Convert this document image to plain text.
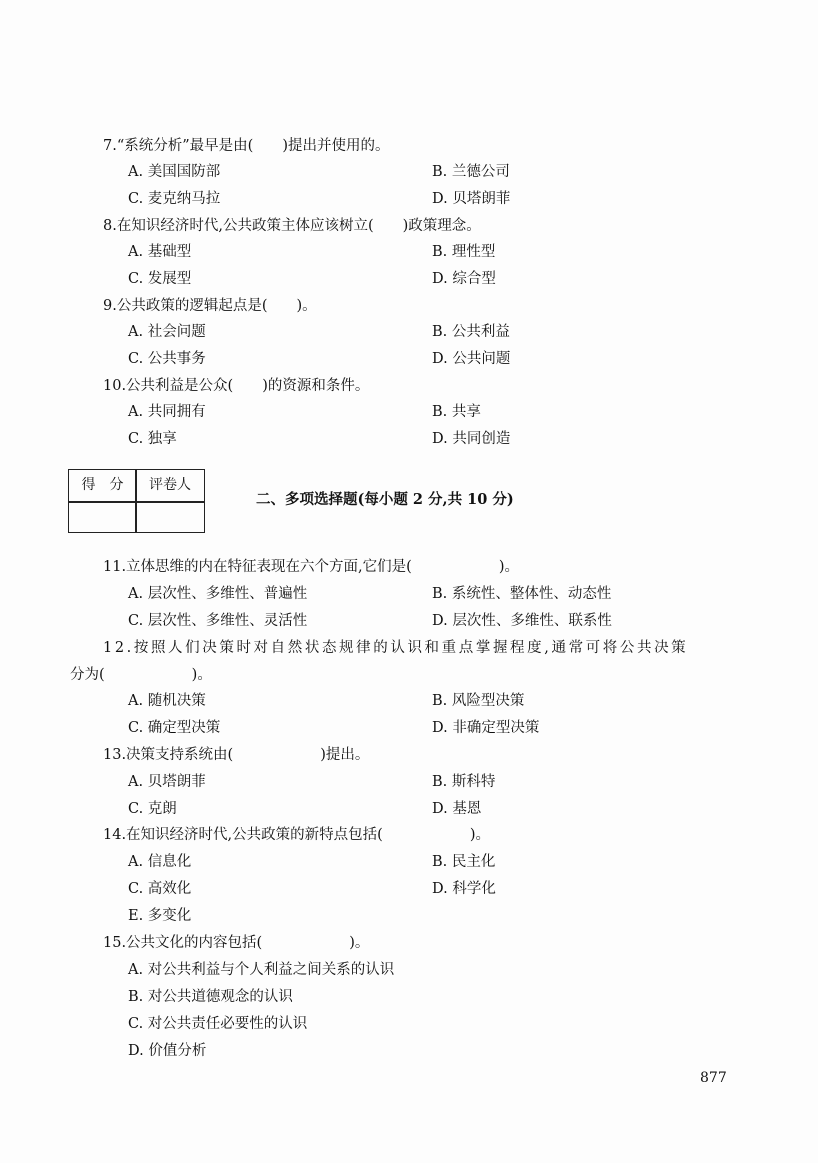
7.“系统分析”最早是由(　　)提出并使用的。
A. 美国国防部	B. 兰德公司
C. 麦克纳马拉	D. 贝塔朗菲
8.在知识经济时代,公共政策主体应该树立(　　)政策理念。
A. 基础型	B. 理性型
C. 发展型	D. 综合型
9.公共政策的逻辑起点是(　　)。
A. 社会问题	B. 公共利益
C. 公共事务	D. 公共问题
10.公共利益是公众(　　)的资源和条件。
A. 共同拥有	B. 共享
C. 独享	D. 共同创造
得　分	评卷人
二、多项选择题(每小题 2 分,共 10 分)
11.立体思维的内在特征表现在六个方面,它们是(　　　　　　)。
A. 层次性、多维性、普遍性	B. 系统性、整体性、动态性
C. 层次性、多维性、灵活性	D. 层次性、多维性、联系性
12.按照人们决策时对自然状态规律的认识和重点掌握程度,通常可将公共决策
分为(　　　　　　)。
A. 随机决策	B. 风险型决策
C. 确定型决策	D. 非确定型决策
13.决策支持系统由(　　　　　　)提出。
A. 贝塔朗菲	B. 斯科特
C. 克朗	D. 基恩
14.在知识经济时代,公共政策的新特点包括(　　　　　　)。
A. 信息化	B. 民主化
C. 高效化	D. 科学化
E. 多变化
15.公共文化的内容包括(　　　　　　)。
A. 对公共利益与个人利益之间关系的认识
B. 对公共道德观念的认识
C. 对公共责任必要性的认识
D. 价值分析
877
